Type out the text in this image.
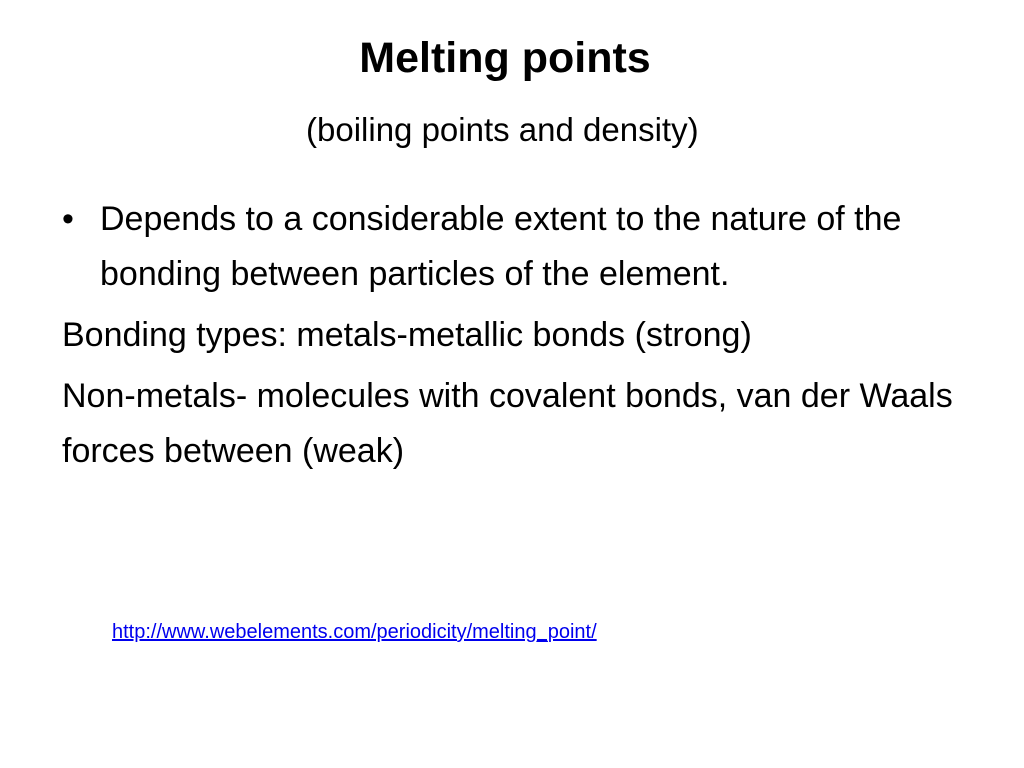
Melting points
(boiling points and density)
• Depends to a considerable extent to the nature of the bonding between particles of the element.

Bonding types: metals-metallic bonds (strong)

Non-metals- molecules with covalent bonds, van der Waals forces between (weak)

http://www.webelements.com/periodicity/melting_point/
